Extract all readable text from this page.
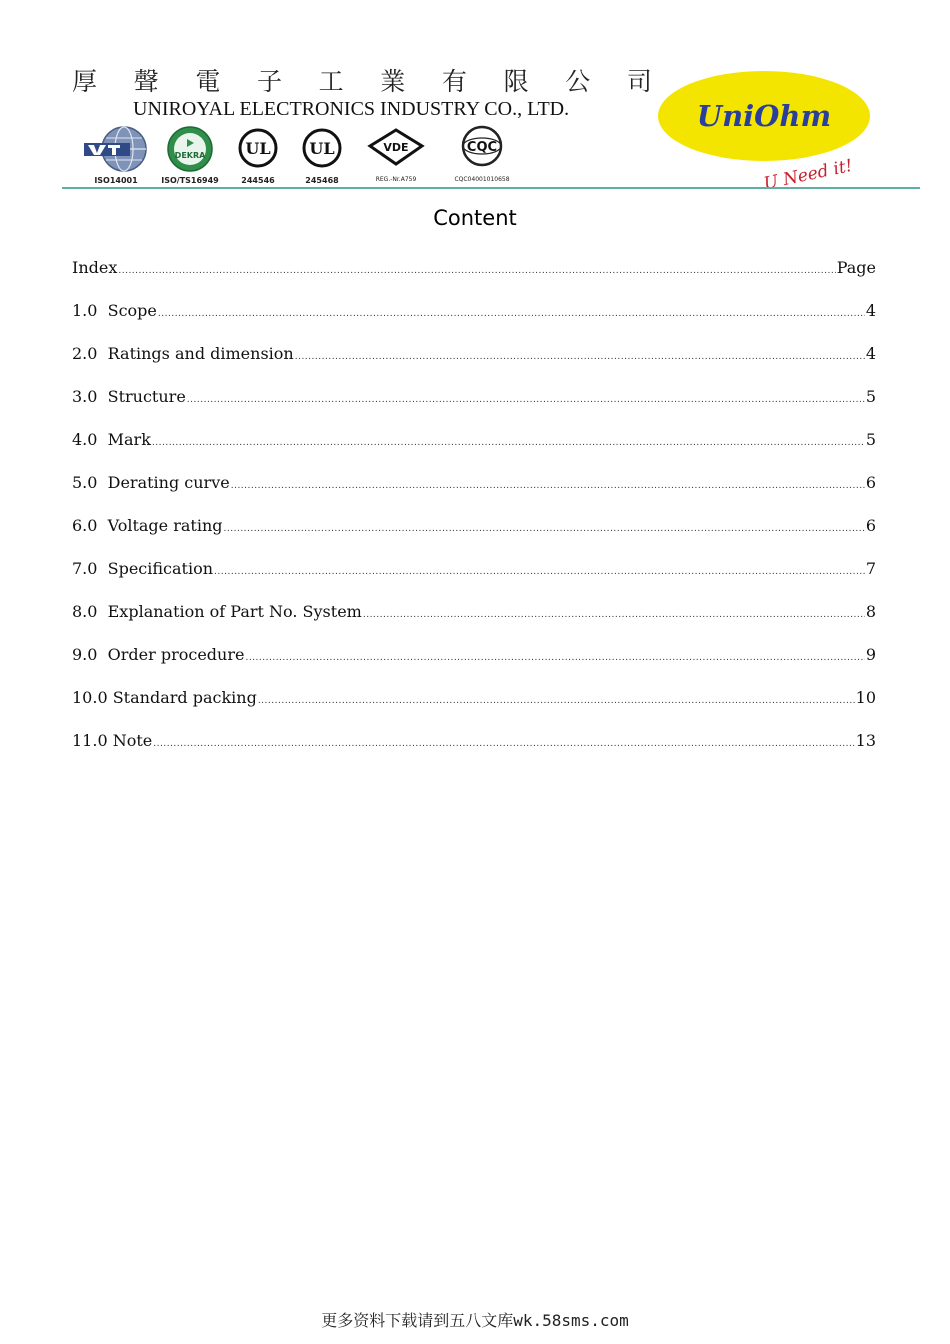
厚 聲 電 子 工 業 有 限 公 司
UNIROYAL ELECTRONICS INDUSTRY CO., LTD.
ISO14001
DEKRA
ISO/TS16949
UL
244546
UL
245468
VDE
REG.-Nr.A759
CQC
CQC04001010658
UniOhm
U Need it!
Content
Index .....	Page
1.0 Scope .....	4
2.0 Ratings and dimension .....	4
3.0 Structure .....	5
4.0 Mark .....	5
5.0 Derating curve .....	6
6.0 Voltage rating .....	6
7.0 Specification .....	7
8.0 Explanation of Part No. System .....	8
9.0 Order procedure .....	9
10.0 Standard packing .....	10
11.0 Note .....	13
更多资料下载请到五八文库wk.58sms.com
